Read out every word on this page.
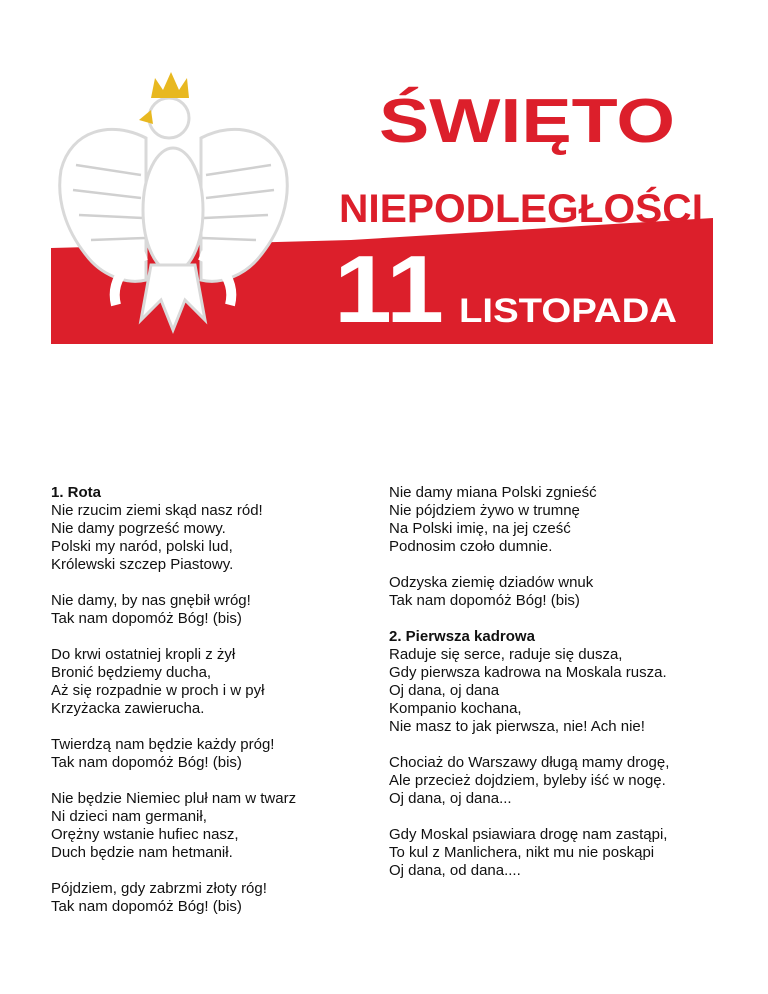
ŚWIĘTO
NIEPODLEGŁOŚCI
11 LISTOPADA
1. Rota
Nie rzucim ziemi skąd nasz ród!
Nie damy pogrześć mowy.
Polski my naród, polski lud,
Królewski szczep Piastowy.
Nie damy, by nas gnębił wróg!
Tak nam dopomóż Bóg! (bis)
Do krwi ostatniej kropli z żył
Bronić będziemy ducha,
Aż się rozpadnie w proch i w pył
Krzyżacka zawierucha.
Twierdzą nam będzie każdy próg!
Tak nam dopomóż Bóg! (bis)
Nie będzie Niemiec pluł nam w twarz
Ni dzieci nam germanił,
Orężny wstanie hufiec nasz,
Duch będzie nam hetmanił.
Pójdziem, gdy zabrzmi złoty róg!
Tak nam dopomóż Bóg! (bis)
Nie damy miana Polski zgnieść
Nie pójdziem żywo w trumnę
Na Polski imię, na jej cześć
Podnosim czoło dumnie.
Odzyska ziemię dziadów wnuk
Tak nam dopomóż Bóg! (bis)
2. Pierwsza kadrowa
Raduje się serce, raduje się dusza,
Gdy pierwsza kadrowa na Moskala rusza.
Oj dana, oj dana
Kompanio kochana,
Nie masz to jak pierwsza, nie! Ach nie!
Chociaż do Warszawy długą mamy drogę,
Ale przecież dojdziem, byleby iść w nogę.
Oj dana, oj dana...
Gdy Moskal psiawiara drogę nam zastąpi,
To kul z Manlichera, nikt mu nie poskąpi
Oj dana, od dana....
